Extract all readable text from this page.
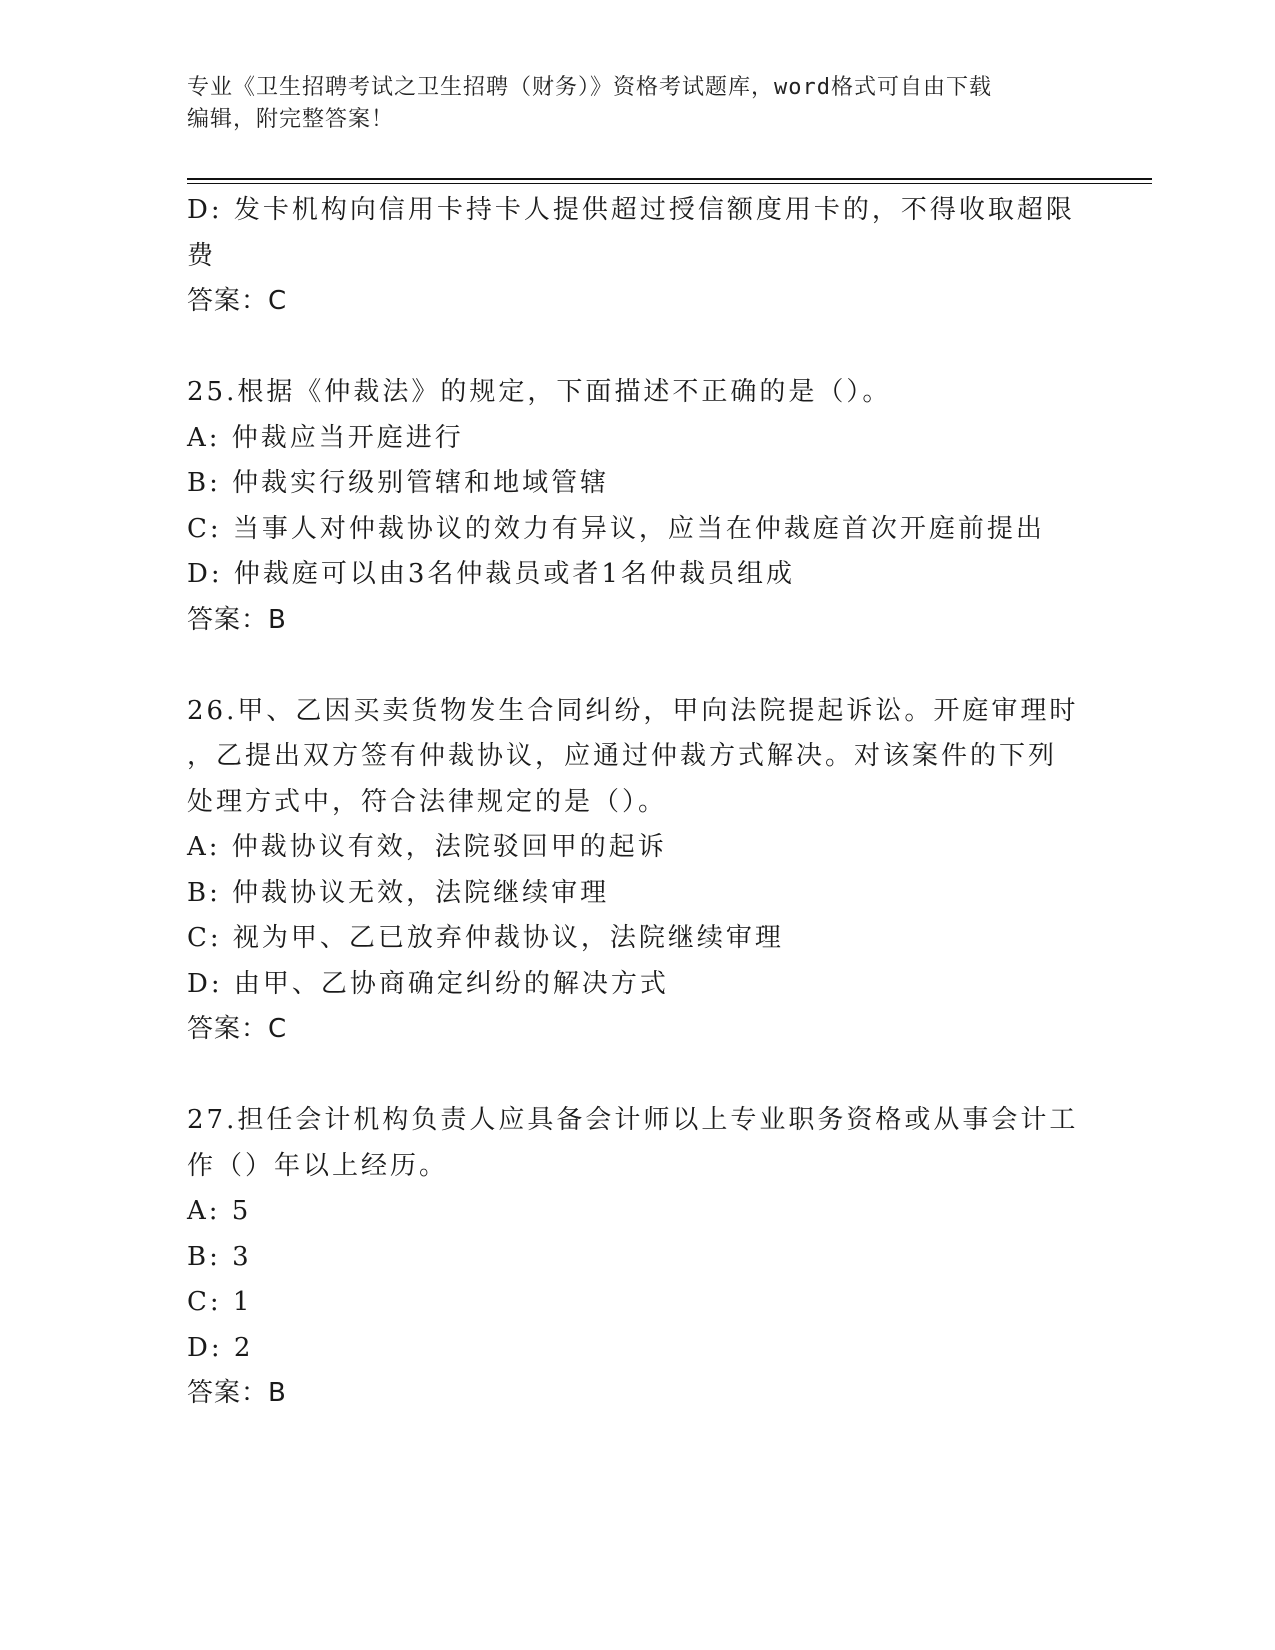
专业《卫生招聘考试之卫生招聘（财务）》资格考试题库，word格式可自由下载
编辑，附完整答案！
D: 发卡机构向信用卡持卡人提供超过授信额度用卡的，不得收取超限
费
答案：C
25.根据《仲裁法》的规定，下面描述不正确的是（）。
A: 仲裁应当开庭进行
B: 仲裁实行级别管辖和地域管辖
C: 当事人对仲裁协议的效力有异议，应当在仲裁庭首次开庭前提出
D: 仲裁庭可以由3名仲裁员或者1名仲裁员组成
答案：B
26.甲、乙因买卖货物发生合同纠纷，甲向法院提起诉讼。开庭审理时
，乙提出双方签有仲裁协议，应通过仲裁方式解决。对该案件的下列
处理方式中，符合法律规定的是（）。
A: 仲裁协议有效，法院驳回甲的起诉
B: 仲裁协议无效，法院继续审理
C: 视为甲、乙已放弃仲裁协议，法院继续审理
D: 由甲、乙协商确定纠纷的解决方式
答案：C
27.担任会计机构负责人应具备会计师以上专业职务资格或从事会计工
作（）年以上经历。
A: 5
B: 3
C: 1
D: 2
答案：B
